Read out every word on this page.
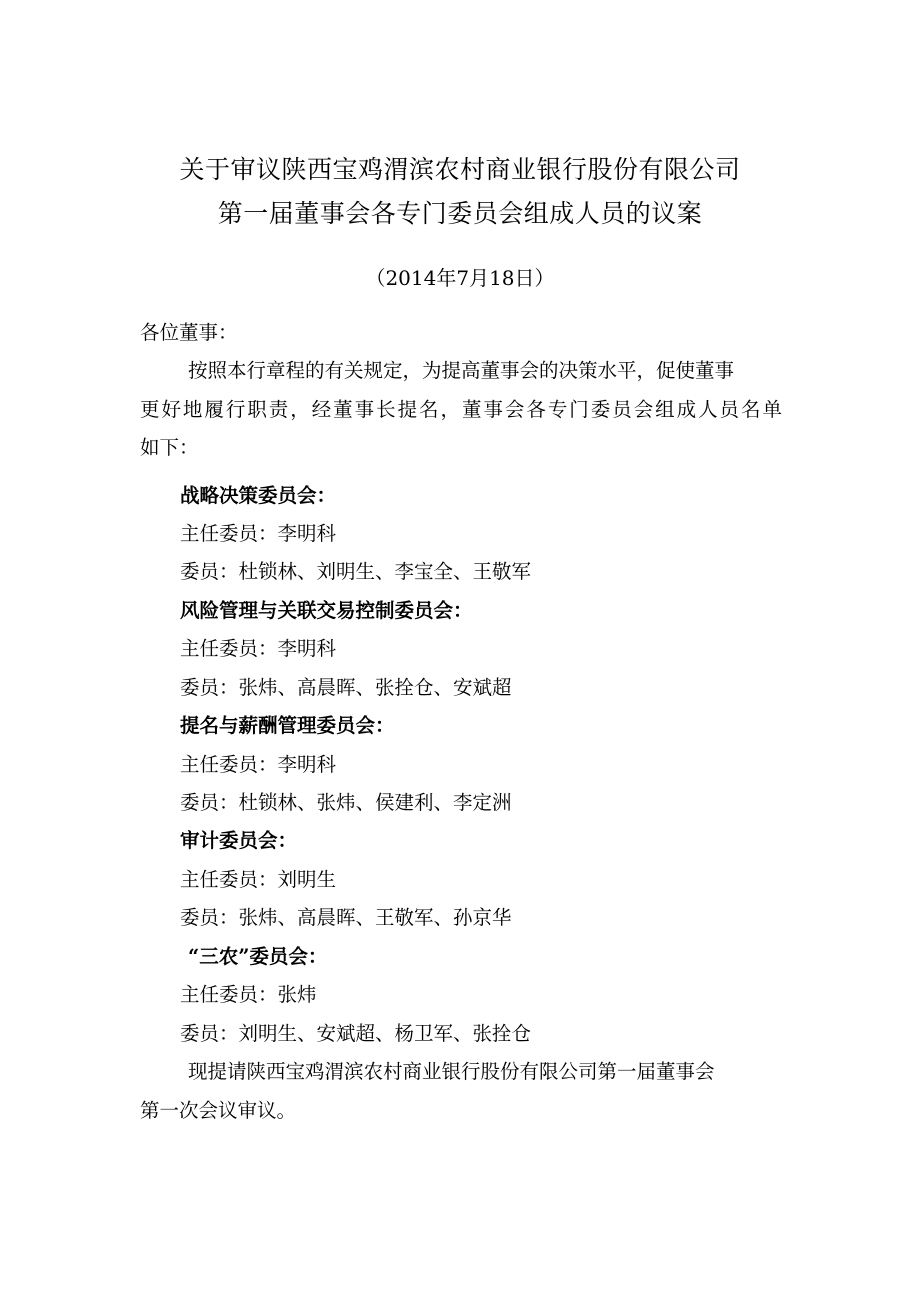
关于审议陕西宝鸡渭滨农村商业银行股份有限公司
第一届董事会各专门委员会组成人员的议案
（2014年7月18日）
各位董事：
按照本行章程的有关规定，为提高董事会的决策水平，促使董事
更好地履行职责，经董事长提名，董事会各专门委员会组成人员名单
如下：
战略决策委员会：
主任委员：李明科
委员：杜锁林、刘明生、李宝全、王敬军
风险管理与关联交易控制委员会：
主任委员：李明科
委员：张炜、高晨晖、张拴仓、安斌超
提名与薪酬管理委员会：
主任委员：李明科
委员：杜锁林、张炜、侯建利、李定洲
审计委员会：
主任委员：刘明生
委员：张炜、高晨晖、王敬军、孙京华
“三农”委员会：
主任委员：张炜
委员：刘明生、安斌超、杨卫军、张拴仓
现提请陕西宝鸡渭滨农村商业银行股份有限公司第一届董事会
第一次会议审议。
